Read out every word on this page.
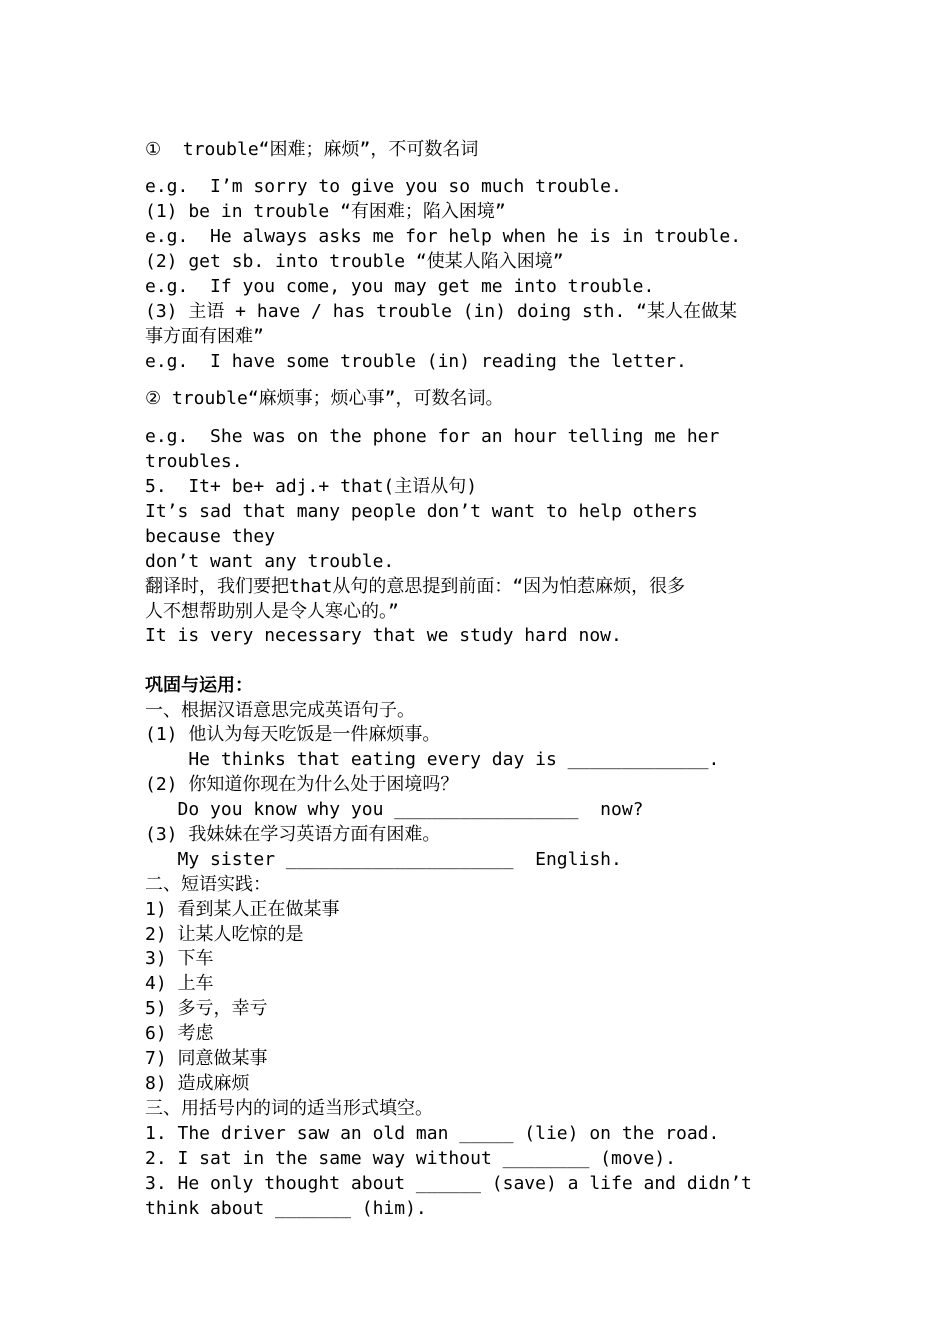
①  trouble“困难；麻烦”，不可数名词
e.g.  I’m sorry to give you so much trouble.
(1) be in trouble “有困难；陷入困境”
e.g.  He always asks me for help when he is in trouble.
(2) get sb. into trouble “使某人陷入困境”
e.g.  If you come, you may get me into trouble.
(3) 主语 + have / has trouble (in) doing sth. “某人在做某
事方面有困难”
e.g.  I have some trouble (in) reading the letter.
② trouble“麻烦事；烦心事”，可数名词。
e.g.  She was on the phone for an hour telling me her
troubles.
5.  It+ be+ adj.+ that(主语从句)
It’s sad that many people don’t want to help others
because they
don’t want any trouble.
翻译时，我们要把that从句的意思提到前面：“因为怕惹麻烦，很多
人不想帮助别人是令人寒心的。”
It is very necessary that we study hard now.
巩固与运用：
一、根据汉语意思完成英语句子。
(1) 他认为每天吃饭是一件麻烦事。
He thinks that eating every day is _____________.
(2) 你知道你现在为什么处于困境吗？
Do you know why you _________________  now?
(3) 我妹妹在学习英语方面有困难。
My sister _____________________  English.
二、短语实践：
1) 看到某人正在做某事
2) 让某人吃惊的是
3) 下车
4) 上车
5) 多亏，幸亏
6) 考虑
7) 同意做某事
8) 造成麻烦
三、用括号内的词的适当形式填空。
1. The driver saw an old man _____ (lie) on the road.
2. I sat in the same way without ________ (move).
3. He only thought about ______ (save) a life and didn’t
think about _______ (him).
